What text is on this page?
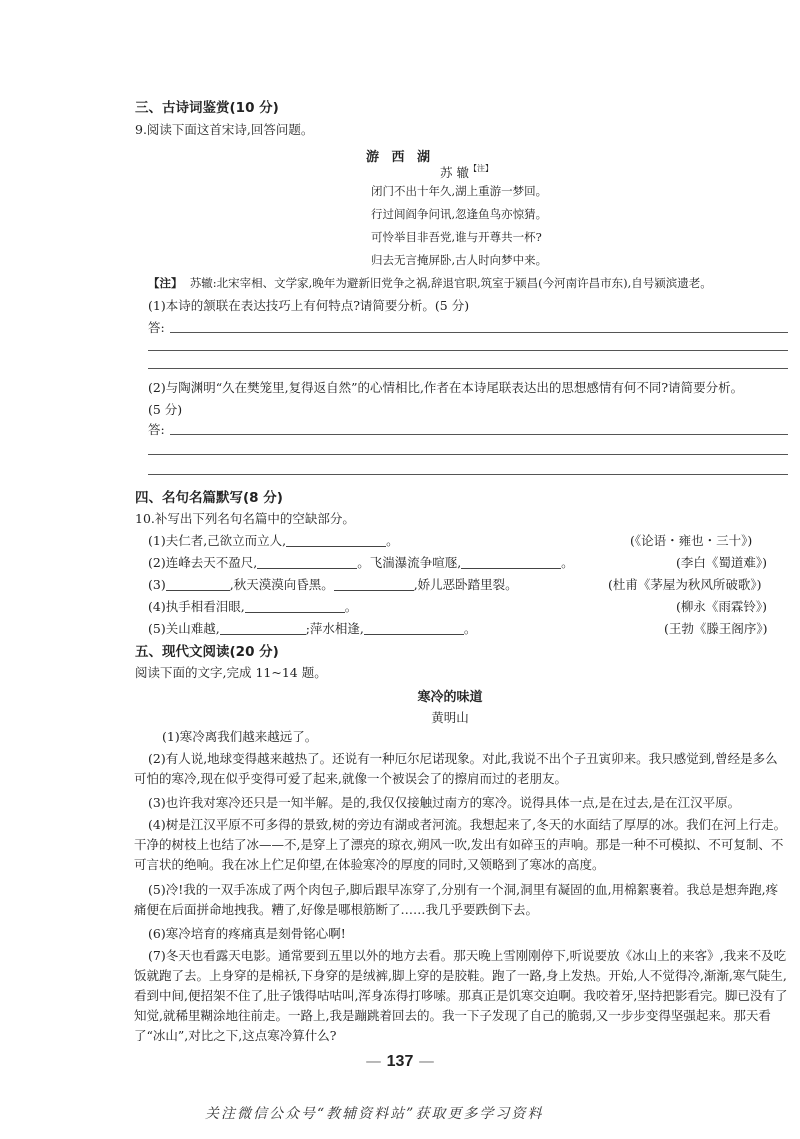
三、古诗词鉴赏(10 分)
9.阅读下面这首宋诗,回答问题。
游 西 湖
苏 辙$^{【注】}$
闭门不出十年久,湖上重游一梦回。
行过闾阎争问讯,忽逢鱼鸟亦惊猜。
可怜举目非吾党,谁与开尊共一杯?
归去无言掩屏卧,古人时向梦中来。
【注】 苏辙:北宋宰相、文学家,晚年为避新旧党争之祸,辞退官职,筑室于颍昌(今河南许昌市东),自号颍滨遗老。
(1)本诗的颔联在表达技巧上有何特点?请简要分析。(5 分)
答:
(2)与陶渊明“久在樊笼里,复得返自然”的心情相比,作者在本诗尾联表达出的思想感情有何不同?请简要分析。
(5 分)
答:
四、名句名篇默写(8 分)
10.补写出下列名句名篇中的空缺部分。
(1)夫仁者,己欲立而立人,	。	(《论语・雍也・三十》)
(2)连峰去天不盈尺,	。飞湍瀑流争喧豗,	。	(李白《蜀道难》)
(3)	,秋天漠漠向昏黑。	,娇儿恶卧踏里裂。	(杜甫《茅屋为秋风所破歌》)
(4)执手相看泪眼,	。	(柳永《雨霖铃》)
(5)关山难越,	;萍水相逢,	。	(王勃《滕王阁序》)
五、现代文阅读(20 分)
阅读下面的文字,完成 11~14 题。
寒冷的味道
黄明山
(1)寒冷离我们越来越远了。
(2)有人说,地球变得越来越热了。还说有一种厄尔尼诺现象。对此,我说不出个子丑寅卯来。我只感觉到,曾经是多么可怕的寒冷,现在似乎变得可爱了起来,就像一个被误会了的擦肩而过的老朋友。
(3)也许我对寒冷还只是一知半解。是的,我仅仅接触过南方的寒冷。说得具体一点,是在过去,是在江汉平原。
(4)树是江汉平原不可多得的景致,树的旁边有湖或者河流。我想起来了,冬天的水面结了厚厚的冰。我们在河上行走。干净的树枝上也结了冰——不,是穿上了漂亮的琼衣,朔风一吹,发出有如碎玉的声响。那是一种不可模拟、不可复制、不可言状的绝响。我在冰上伫足仰望,在体验寒冷的厚度的同时,又领略到了寒冰的高度。
(5)冷!我的一双手冻成了两个肉包子,脚后跟早冻穿了,分别有一个洞,洞里有凝固的血,用棉絮裹着。我总是想奔跑,疼痛便在后面拼命地拽我。糟了,好像是哪根筋断了……我几乎要跌倒下去。
(6)寒冷培育的疼痛真是刻骨铭心啊!
(7)冬天也看露天电影。通常要到五里以外的地方去看。那天晚上雪刚刚停下,听说要放《冰山上的来客》,我来不及吃饭就跑了去。上身穿的是棉袄,下身穿的是绒裤,脚上穿的是胶鞋。跑了一路,身上发热。开始,人不觉得冷,渐渐,寒气陡生,看到中间,便招架不住了,肚子饿得咕咕叫,浑身冻得打哆嗦。那真正是饥寒交迫啊。我咬着牙,坚持把影看完。脚已没有了知觉,就稀里糊涂地往前走。一路上,我是蹦跳着回去的。我一下子发现了自己的脆弱,又一步步变得坚强起来。那天看了“冰山”,对比之下,这点寒冷算什么?
— 137 —
关注微信公众号“教辅资料站”获取更多学习资料
